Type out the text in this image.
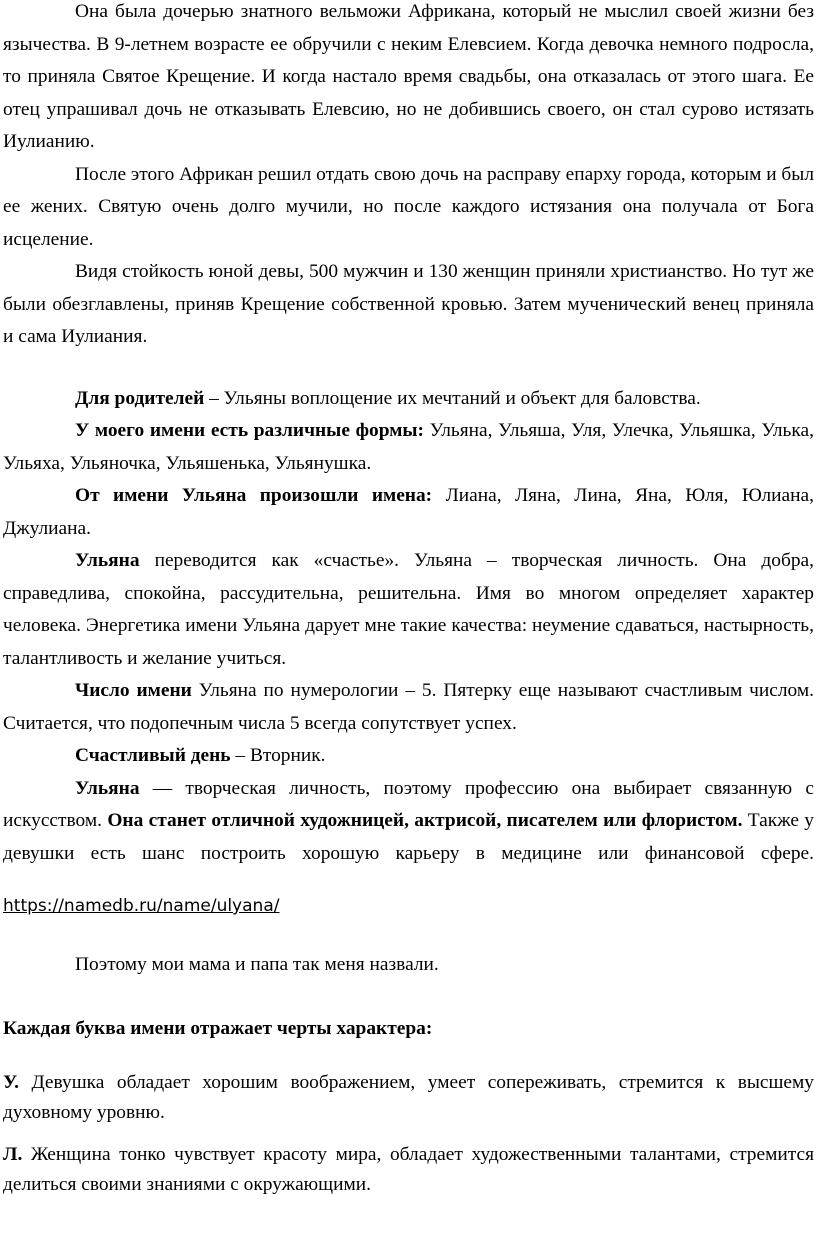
Она была дочерью знатного вельможи Африкана, который не мыслил своей жизни без язычества. В 9-летнем возрасте ее обручили с неким Елевсием. Когда девочка немного подросла, то приняла Святое Крещение. И когда настало время свадьбы, она отказалась от этого шага. Ее отец упрашивал дочь не отказывать Елевсию, но не добившись своего, он стал сурово истязать Иулианию.

После этого Африкан решил отдать свою дочь на расправу епарху города, которым и был ее жених. Святую очень долго мучили, но после каждого истязания она получала от Бога исцеление.

Видя стойкость юной девы, 500 мужчин и 130 женщин приняли христианство. Но тут же были обезглавлены, приняв Крещение собственной кровью. Затем мученический венец приняла и сама Иулиания.

Для родителей – Ульяны воплощение их мечтаний и объект для баловства.

У моего имени есть различные формы: Ульяна, Ульяша, Уля, Улечка, Ульяшка, Улька, Ульяха, Ульяночка, Ульяшенька, Ульянушка.

От имени Ульяна произошли имена: Лиана, Ляна, Лина, Яна, Юля, Юлиана, Джулиана.

Ульяна переводится как «счастье». Ульяна – творческая личность. Она добра, справедлива, спокойна, рассудительна, решительна. Имя во многом определяет характер человека. Энергетика имени Ульяна дарует мне такие качества: неумение сдаваться, настырность, талантливость и желание учиться.

Число имени Ульяна по нумерологии – 5. Пятерку еще называют счастливым числом. Считается, что подопечным числа 5 всегда сопутствует успех.

Счастливый день – Вторник.

Ульяна — творческая личность, поэтому профессию она выбирает связанную с искусством. Она станет отличной художницей, актрисой, писателем или флористом. Также у девушки есть шанс построить хорошую карьеру в медицине или финансовой сфере.

https://namedb.ru/name/ulyana/

Поэтому мои мама и папа так меня назвали.

Каждая буква имени отражает черты характера:

У. Девушка обладает хорошим воображением, умеет сопереживать, стремится к высшему духовному уровню.

Л. Женщина тонко чувствует красоту мира, обладает художественными талантами, стремится делиться своими знаниями с окружающими.
